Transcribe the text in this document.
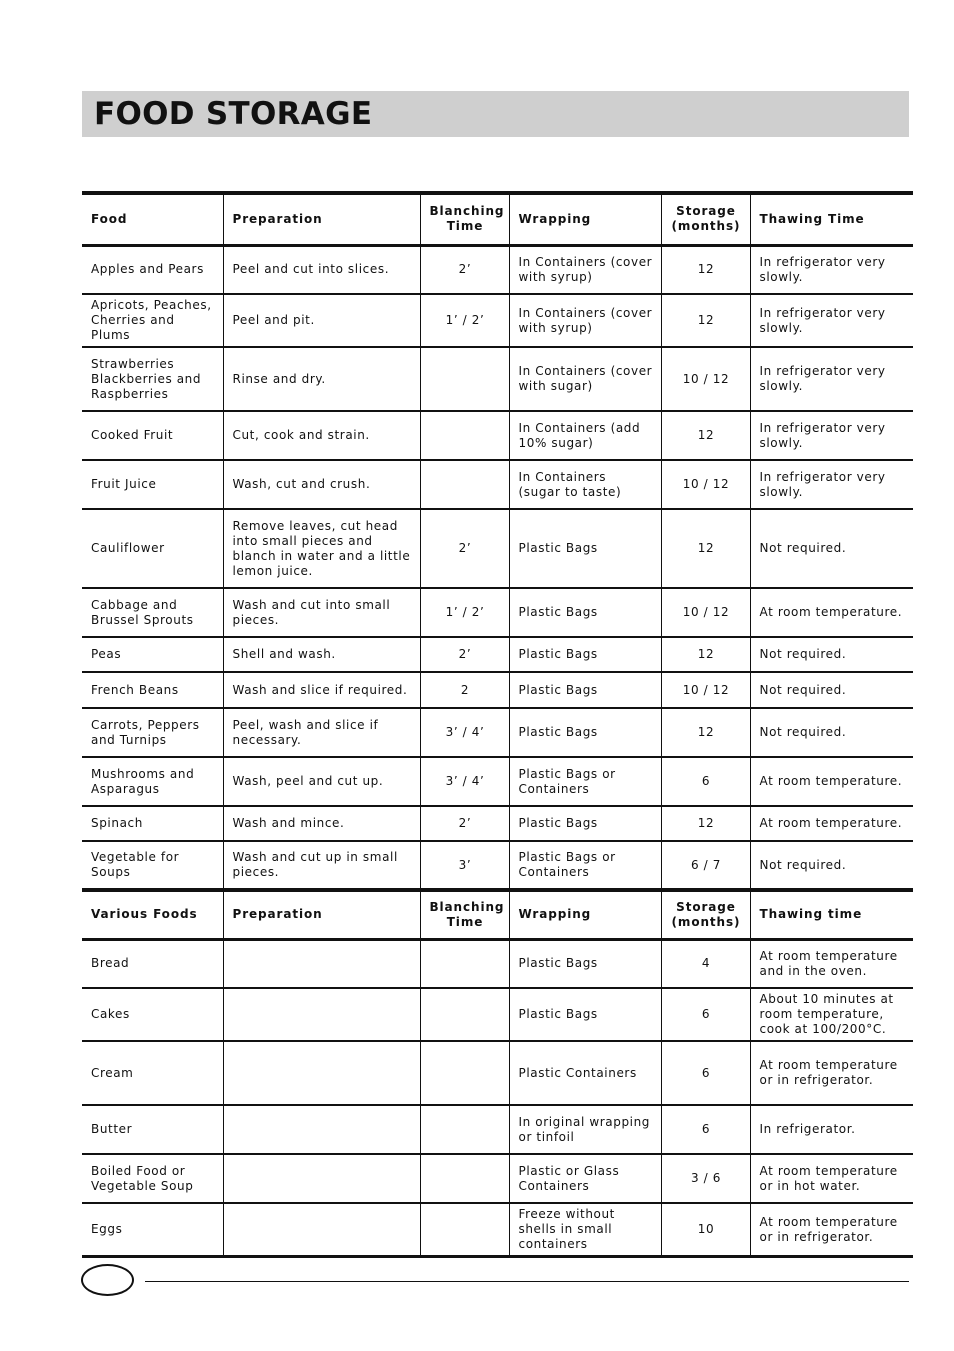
FOOD STORAGE
Food	Preparation	Blanching Time	Wrapping	Storage (months)	Thawing Time
Apples and Pears	Peel and cut into slices.	2’	In Containers (cover with syrup)	12	In refrigerator very slowly.
Apricots, Peaches, Cherries and Plums	Peel and pit.	1’ / 2’	In Containers (cover with syrup)	12	In refrigerator very slowly.
Strawberries Blackberries and Raspberries	Rinse and dry.		In Containers (cover with sugar)	10 / 12	In refrigerator very slowly.
Cooked Fruit	Cut, cook and strain.		In Containers (add 10% sugar)	12	In refrigerator very slowly.
Fruit Juice	Wash, cut and crush.		In Containers (sugar to taste)	10 / 12	In refrigerator very slowly.
Cauliflower	Remove leaves, cut head into small pieces and blanch in water and a little lemon juice.	2’	Plastic Bags	12	Not required.
Cabbage and Brussel Sprouts	Wash and cut into small pieces.	1’ / 2’	Plastic Bags	10 / 12	At room temperature.
Peas	Shell and wash.	2’	Plastic Bags	12	Not required.
French Beans	Wash and slice if required.	2	Plastic Bags	10 / 12	Not required.
Carrots, Peppers and Turnips	Peel, wash and slice if necessary.	3’ / 4’	Plastic Bags	12	Not required.
Mushrooms and Asparagus	Wash, peel and cut up.	3’ / 4’	Plastic Bags or Containers	6	At room temperature.
Spinach	Wash and mince.	2’	Plastic Bags	12	At room temperature.
Vegetable for Soups	Wash and cut up in small pieces.	3’	Plastic Bags or Containers	6 / 7	Not required.
Various Foods	Preparation	Blanching Time	Wrapping	Storage (months)	Thawing time
Bread			Plastic Bags	4	At room temperature and in the oven.
Cakes			Plastic Bags	6	About 10 minutes at room temperature, cook at 100/200°C.
Cream			Plastic Containers	6	At room temperature or in refrigerator.
Butter			In original wrapping or tinfoil	6	In refrigerator.
Boiled Food or Vegetable Soup			Plastic or Glass Containers	3 / 6	At room temperature or in hot water.
Eggs			Freeze without shells in small containers	10	At room temperature or in refrigerator.
